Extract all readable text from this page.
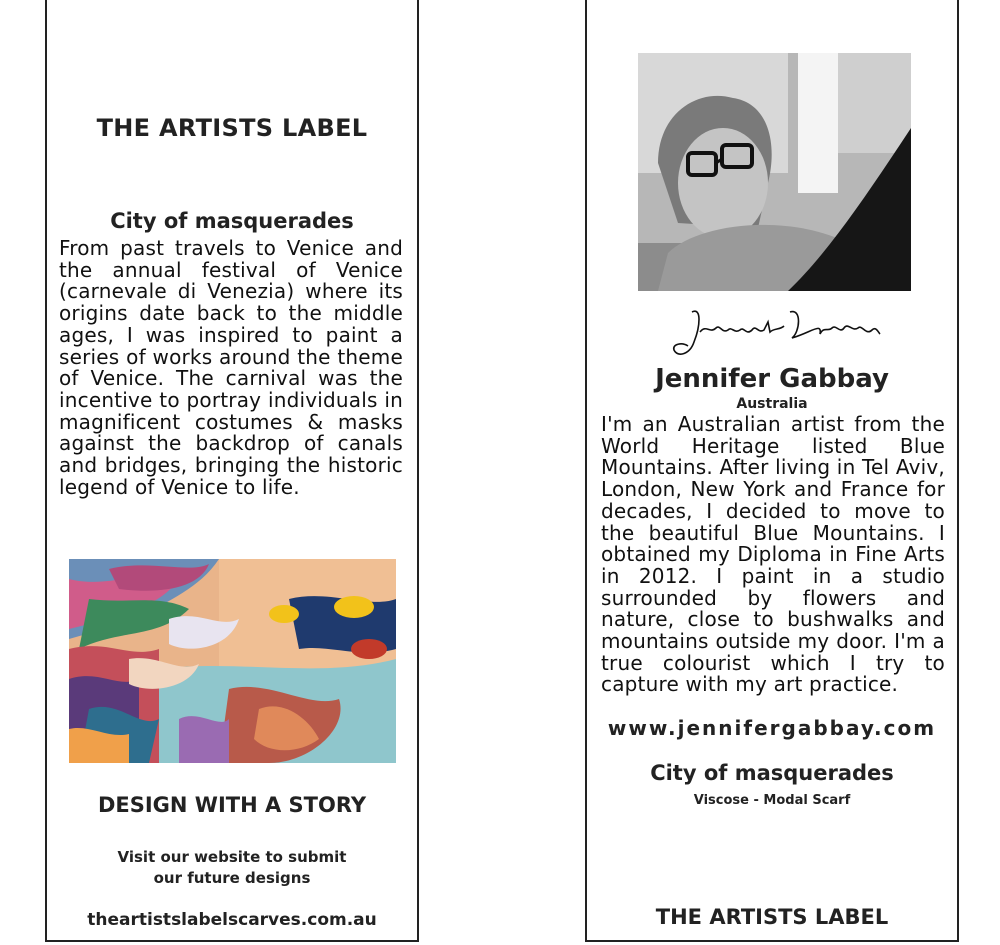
THE ARTISTS LABEL
City of masquerades
From past travels to Venice and the annual festival of Venice (carnevale di Venezia) where its origins date back to the middle ages, I was inspired to paint a series of works around the theme of Venice. The carnival was the incentive to portray individuals in magnificent costumes & masks against the backdrop of canals and bridges, bringing the historic legend of Venice to life.
DESIGN WITH A STORY
Visit our website to submit
our future designs
theartistslabelscarves.com.au
Jennifer Gabbay
Australia
I'm an Australian artist from the World Heritage listed Blue Mountains. After living in Tel Aviv, London, New York and France for decades, I decided to move to the beautiful Blue Mountains. I obtained my Diploma in Fine Arts in 2012. I paint in a studio surrounded by flowers and nature, close to bushwalks and mountains outside my door. I'm a true colourist which I try to capture with my art practice.
www.jennifergabbay.com
City of masquerades
Viscose - Modal Scarf
THE ARTISTS LABEL
